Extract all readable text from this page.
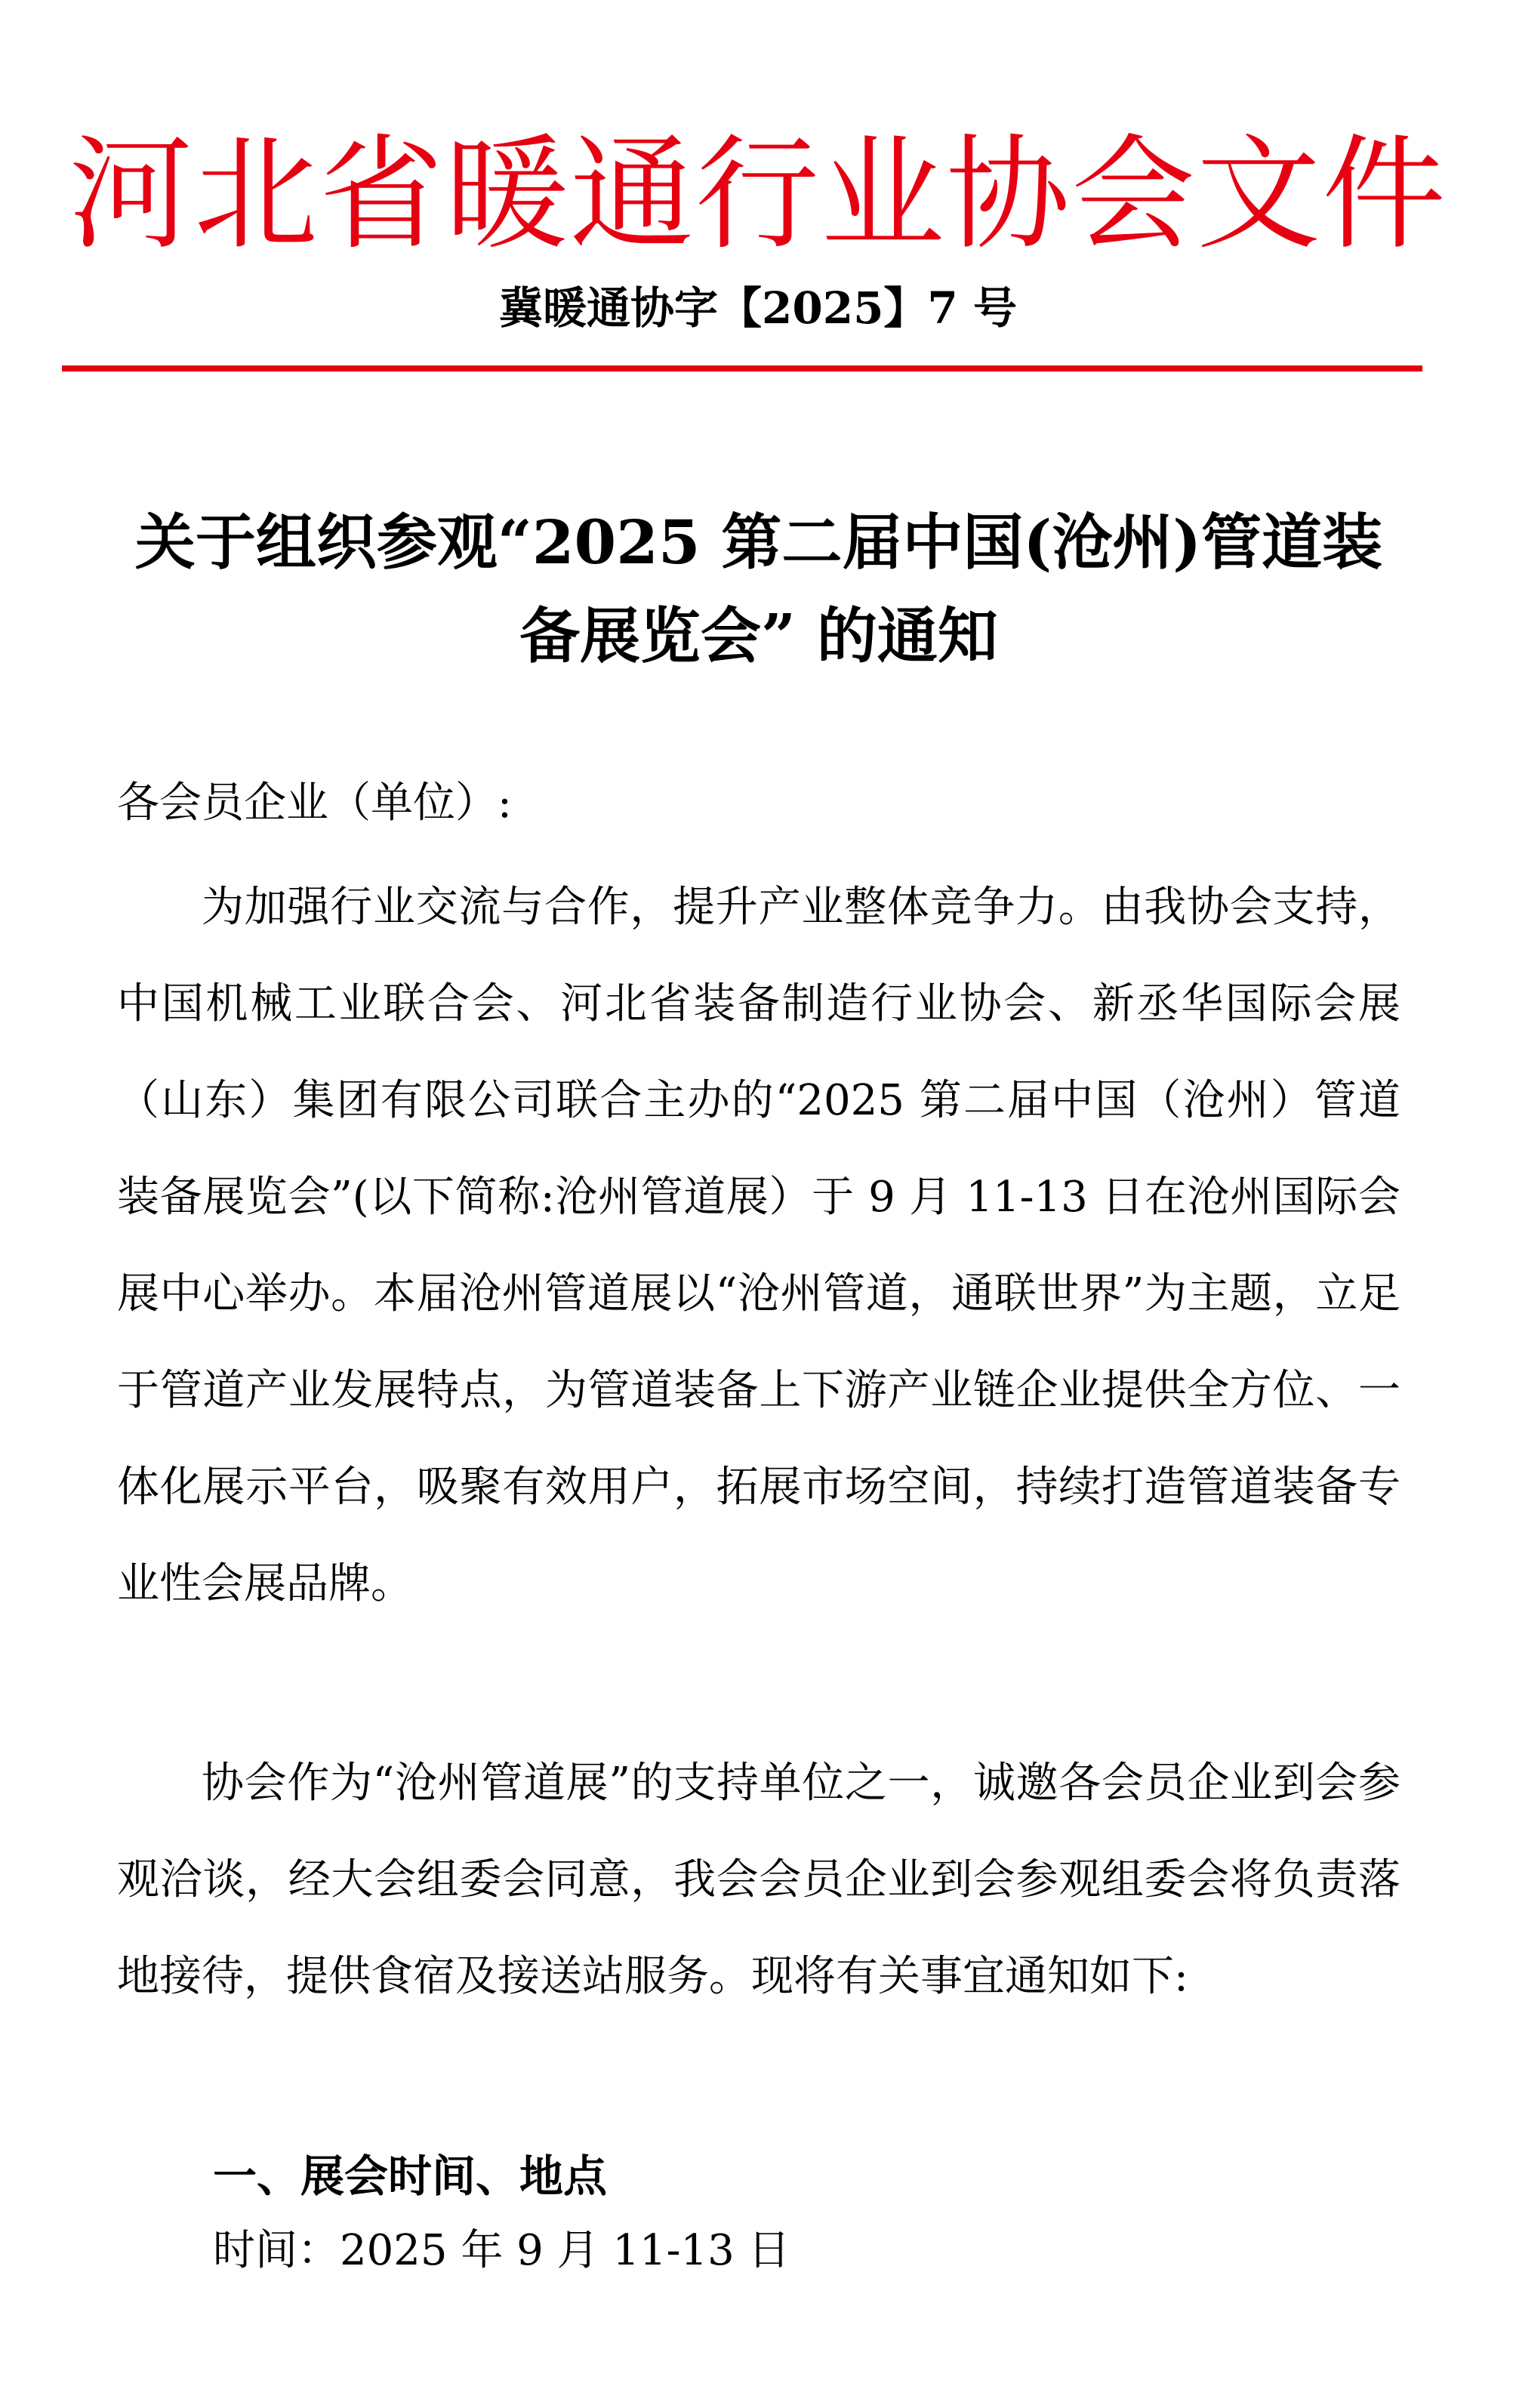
河北省暖通行业协会文件
冀暖通协字【2025】7 号
关于组织参观“2025 第二届中国(沧州)管道装备展览会” 的通知
各会员企业（单位）:
为加强行业交流与合作，提升产业整体竞争力。由我协会支持，中国机械工业联合会、河北省装备制造行业协会、新丞华国际会展（山东）集团有限公司联合主办的“2025 第二届中国（沧州）管道装备展览会”(以下简称:沧州管道展）于 9 月 11-13 日在沧州国际会展中心举办。本届沧州管道展以“沧州管道，通联世界”为主题，立足于管道产业发展特点，为管道装备上下游产业链企业提供全方位、一体化展示平台，吸聚有效用户，拓展市场空间，持续打造管道装备专业性会展品牌。
协会作为“沧州管道展”的支持单位之一，诚邀各会员企业到会参观洽谈，经大会组委会同意，我会会员企业到会参观组委会将负责落地接待，提供食宿及接送站服务。现将有关事宜通知如下:
一、展会时间、地点
时间：2025 年 9 月 11-13 日
